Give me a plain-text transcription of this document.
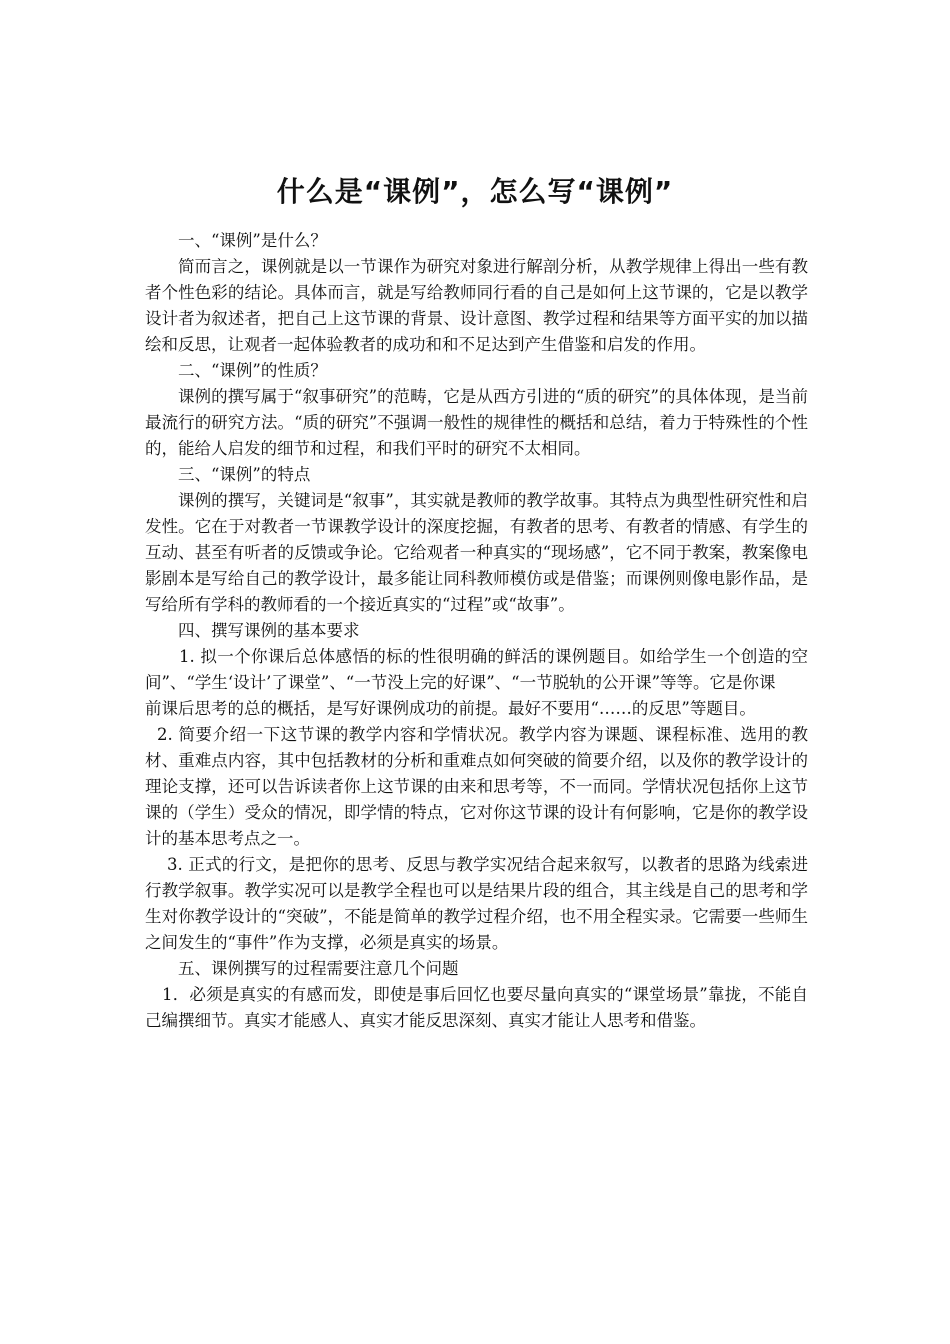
什么是“课例”，怎么写“课例”

一、“课例”是什么？

简而言之，课例就是以一节课作为研究对象进行解剖分析，从教学规律上得出一些有教者个性色彩的结论。具体而言，就是写给教师同行看的自己是如何上这节课的，它是以教学设计者为叙述者，把自己上这节课的背景、设计意图、教学过程和结果等方面平实的加以描绘和反思，让观者一起体验教者的成功和和不足达到产生借鉴和启发的作用。

二、“课例”的性质？

课例的撰写属于“叙事研究”的范畴，它是从西方引进的“质的研究”的具体体现，是当前最流行的研究方法。“质的研究”不强调一般性的规律性的概括和总结，着力于特殊性的个性的，能给人启发的细节和过程，和我们平时的研究不太相同。

三、“课例”的特点

课例的撰写，关键词是“叙事”，其实就是教师的教学故事。其特点为典型性研究性和启发性。它在于对教者一节课教学设计的深度挖掘，有教者的思考、有教者的情感、有学生的互动、甚至有听者的反馈或争论。它给观者一种真实的“现场感”，它不同于教案，教案像电影剧本是写给自己的教学设计，最多能让同科教师模仿或是借鉴；而课例则像电影作品，是写给所有学科的教师看的一个接近真实的“过程”或“故事”。

四、撰写课例的基本要求

1. 拟一个你课后总体感悟的标的性很明确的鲜活的课例题目。如给学生一个创造的空间”、“学生‘设计’了课堂”、“一节没上完的好课”、“一节脱轨的公开课”等等。它是你课

前课后思考的总的概括，是写好课例成功的前提。最好不要用“……的反思”等题目。

2. 简要介绍一下这节课的教学内容和学情状况。教学内容为课题、课程标准、选用的教材、重难点内容，其中包括教材的分析和重难点如何突破的简要介绍，以及你的教学设计的理论支撑，还可以告诉读者你上这节课的由来和思考等，不一而同。学情状况包括你上这节课的（学生）受众的情况，即学情的特点，它对你这节课的设计有何影响，它是你的教学设计的基本思考点之一。

3. 正式的行文，是把你的思考、反思与教学实况结合起来叙写，以教者的思路为线索进行教学叙事。教学实况可以是教学全程也可以是结果片段的组合，其主线是自己的思考和学生对你教学设计的“突破”，不能是简单的教学过程介绍，也不用全程实录。它需要一些师生之间发生的“事件”作为支撑，必须是真实的场景。

五、课例撰写的过程需要注意几个问题

1．必须是真实的有感而发，即使是事后回忆也要尽量向真实的“课堂场景”靠拢，不能自己编撰细节。真实才能感人、真实才能反思深刻、真实才能让人思考和借鉴。
